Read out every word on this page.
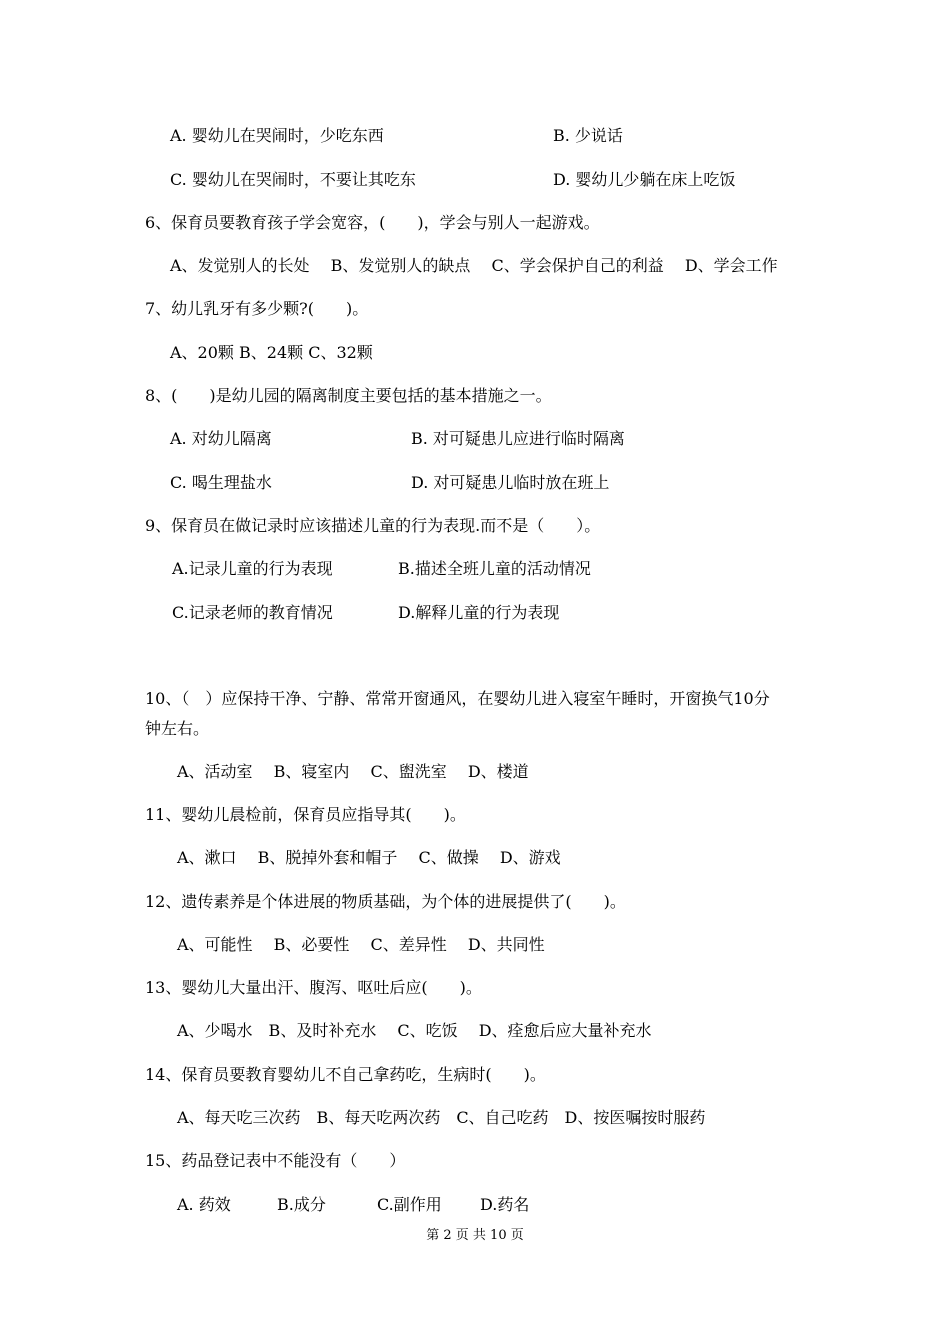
A. 婴幼儿在哭闹时，少吃东西	B. 少说话
C. 婴幼儿在哭闹时，不要让其吃东	D. 婴幼儿少躺在床上吃饭
6、保育员要教育孩子学会宽容，(　　)，学会与别人一起游戏。
A、发觉别人的长处　 B、发觉别人的缺点　 C、学会保护自己的利益　 D、学会工作
7、幼儿乳牙有多少颗?(　　)。
A、20颗 B、24颗 C、32颗
8、(　　)是幼儿园的隔离制度主要包括的基本措施之一。
A. 对幼儿隔离	B. 对可疑患儿应进行临时隔离
C. 喝生理盐水	D. 对可疑患儿临时放在班上
9、保育员在做记录时应该描述儿童的行为表现.而不是（　　）。
A.记录儿童的行为表现	B.描述全班儿童的活动情况
C.记录老师的教育情况	D.解释儿童的行为表现
10、（　）应保持干净、宁静、常常开窗通风，在婴幼儿进入寝室午睡时，开窗换气10分
钟左右。
A、活动室　 B、寝室内　 C、盥洗室　 D、楼道
11、婴幼儿晨检前，保育员应指导其(　　)。
A、漱口　 B、脱掉外套和帽子　 C、做操　 D、游戏
12、遗传素养是个体进展的物质基础，为个体的进展提供了(　　)。
A、可能性　 B、必要性　 C、差异性　 D、共同性
13、婴幼儿大量出汗、腹泻、呕吐后应(　　)。
A、少喝水　B、及时补充水　 C、吃饭　 D、痊愈后应大量补充水
14、保育员要教育婴幼儿不自己拿药吃，生病时(　　)。
A、每天吃三次药　B、每天吃两次药　C、自己吃药　D、按医嘱按时服药
15、药品登记表中不能没有（　　）
A. 药效	B.成分	C.副作用 D.药名
第 2 页 共 10 页
